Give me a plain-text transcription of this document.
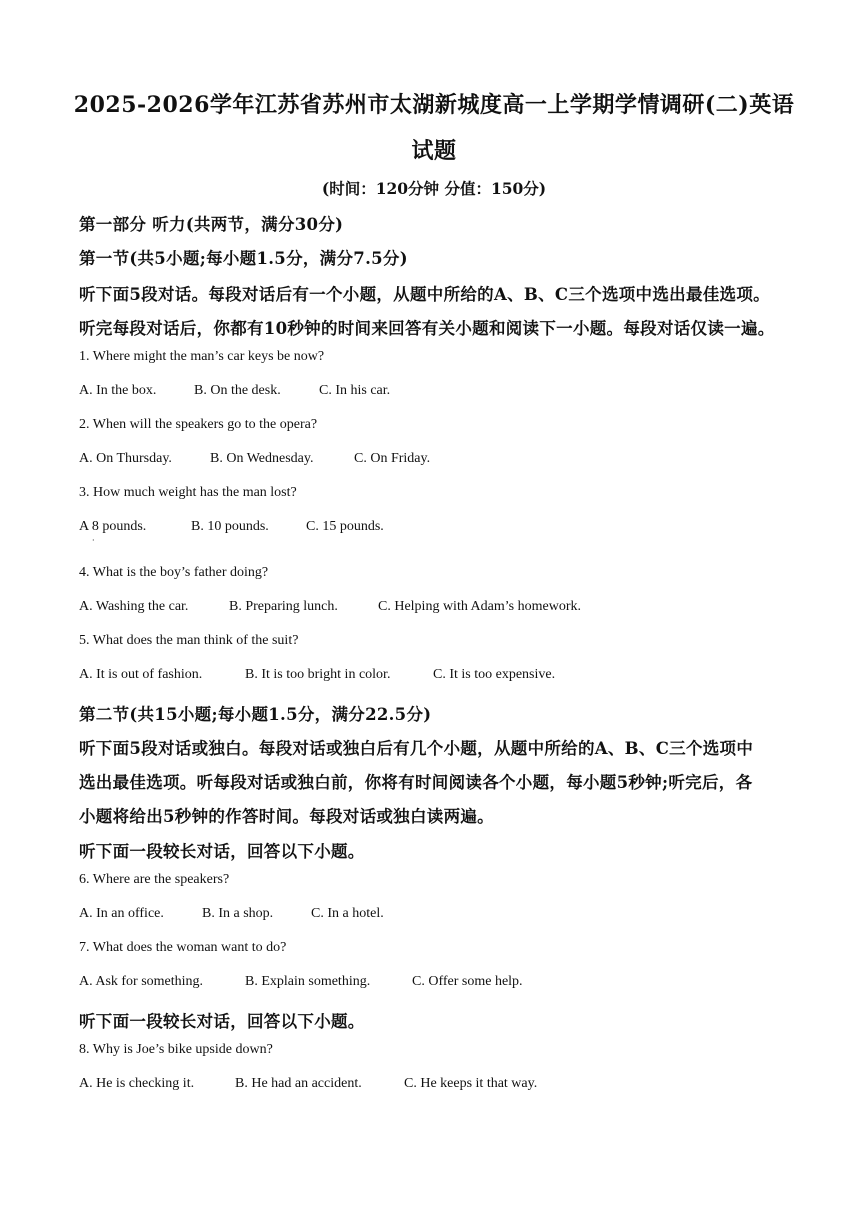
2025-2026学年江苏省苏州市太湖新城度高一上学期学情调研(二)英语
试题
(时间：120分钟 分值：150分)
第一部分 听力(共两节，满分30分)
第一节(共5小题;每小题1.5分，满分7.5分)
听下面5段对话。每段对话后有一个小题，从题中所给的A、B、C三个选项中选出最佳选项。
听完每段对话后，你都有10秒钟的时间来回答有关小题和阅读下一小题。每段对话仅读一遍。
1. Where might the man’s car keys be now?
A. In the box.	B. On the desk.	C. In his car.
2. When will the speakers go to the opera?
A. On Thursday.	B. On Wednesday.	C. On Friday.
3. How much weight has the man lost?
A 8 pounds.	B. 10 pounds.	C. 15 pounds.
·
4. What is the boy’s father doing?
A. Washing the car.	B. Preparing lunch.	C. Helping with Adam’s homework.
5. What does the man think of the suit?
A. It is out of fashion.	B. It is too bright in color.	C. It is too expensive.
第二节(共15小题;每小题1.5分，满分22.5分)
听下面5段对话或独白。每段对话或独白后有几个小题，从题中所给的A、B、C三个选项中
选出最佳选项。听每段对话或独白前，你将有时间阅读各个小题，每小题5秒钟;听完后，各
小题将给出5秒钟的作答时间。每段对话或独白读两遍。
听下面一段较长对话，回答以下小题。
6. Where are the speakers?
A. In an office.	B. In a shop.	C. In a hotel.
7. What does the woman want to do?
A. Ask for something.	B. Explain something.	C. Offer some help.
听下面一段较长对话，回答以下小题。
8. Why is Joe’s bike upside down?
A. He is checking it.	B. He had an accident.	C. He keeps it that way.
